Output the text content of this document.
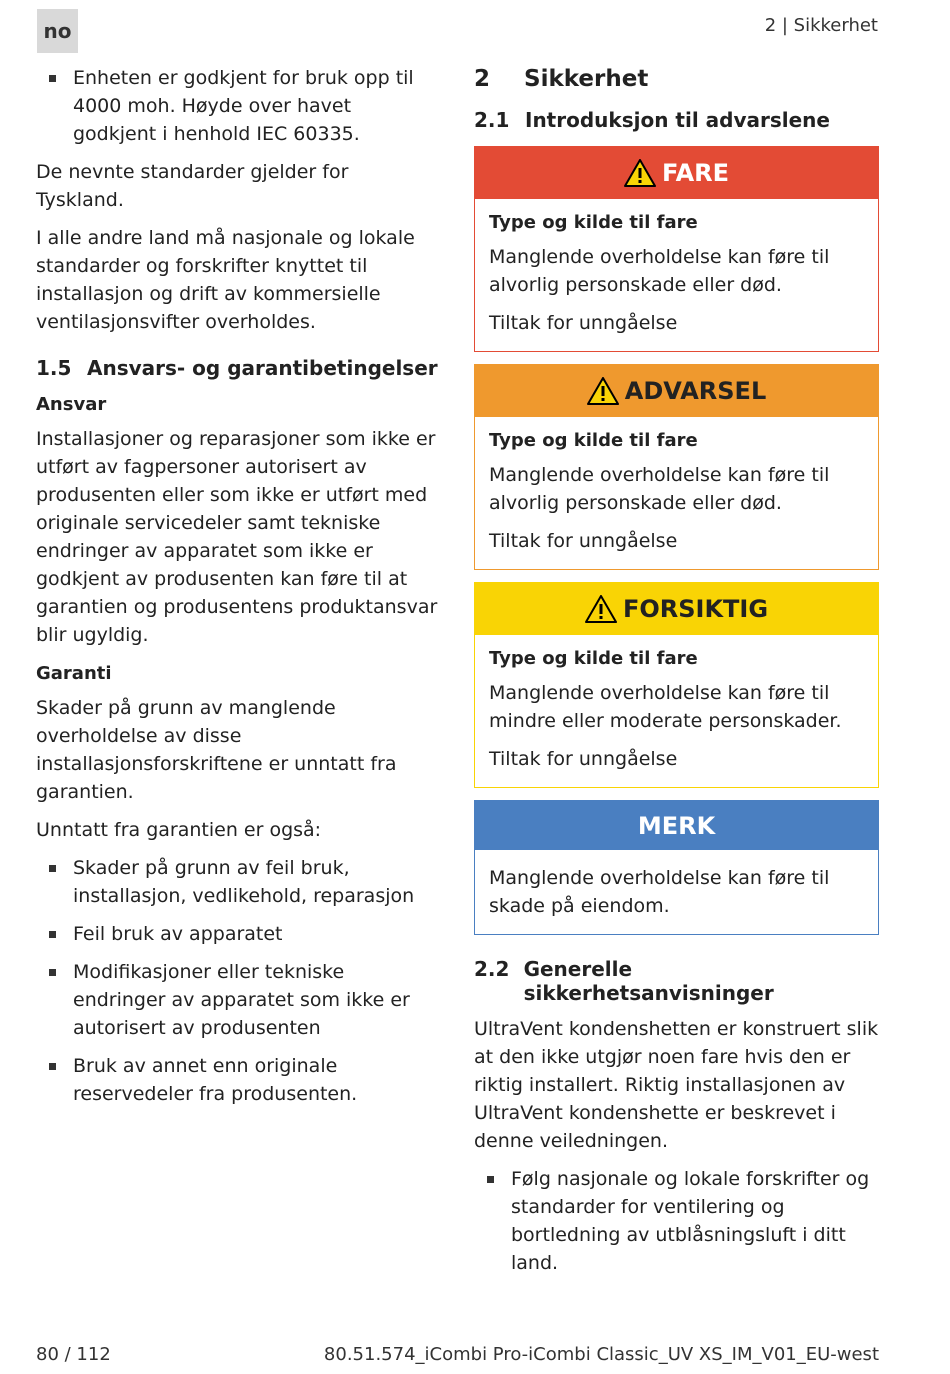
no	2 | Sikkerhet
Enheten er godkjent for bruk opp til 4000 moh. Høyde over havet godkjent i henhold IEC 60335.

De nevnte standarder gjelder for Tyskland.

I alle andre land må nasjonale og lokale standarder og forskrifter knyttet til installasjon og drift av kommersielle ventilasjonsvifter overholdes.

1.5 Ansvars- og garantibetingelser
Ansvar

Installasjoner og reparasjoner som ikke er utført av fagpersoner autorisert av produsenten eller som ikke er utført med originale servicedeler samt tekniske endringer av apparatet som ikke er godkjent av produsenten kan føre til at garantien og produsentens produktansvar blir ugyldig.

Garanti

Skader på grunn av manglende overholdelse av disse installasjonsforskriftene er unntatt fra garantien.

Unntatt fra garantien er også:

Skader på grunn av feil bruk, installasjon, vedlikehold, reparasjon
Feil bruk av apparatet
Modifikasjoner eller tekniske endringer av apparatet som ikke er autorisert av produsenten
Bruk av annet enn originale reservedeler fra produsenten.
2	Sikkerhet
2.1 Introduksjon til advarslene
FARE
Type og kilde til fare

Manglende overholdelse kan føre til alvorlig personskade eller død.

Tiltak for unngåelse

ADVARSEL
Type og kilde til fare

Manglende overholdelse kan føre til alvorlig personskade eller død.

Tiltak for unngåelse

FORSIKTIG
Type og kilde til fare

Manglende overholdelse kan føre til mindre eller moderate personskader.

Tiltak for unngåelse

MERK

Manglende overholdelse kan føre til skade på eiendom.

2.2 Generelle sikkerhetsanvisninger

UltraVent kondenshetten er konstruert slik at den ikke utgjør noen fare hvis den er riktig installert. Riktig installasjonen av UltraVent kondenshette er beskrevet i denne veiledningen.

Følg nasjonale og lokale forskrifter og standarder for ventilering og bortledning av utblåsningsluft i ditt land.
80 / 112	80.51.574_iCombi Pro-iCombi Classic_UV XS_IM_V01_EU-west
